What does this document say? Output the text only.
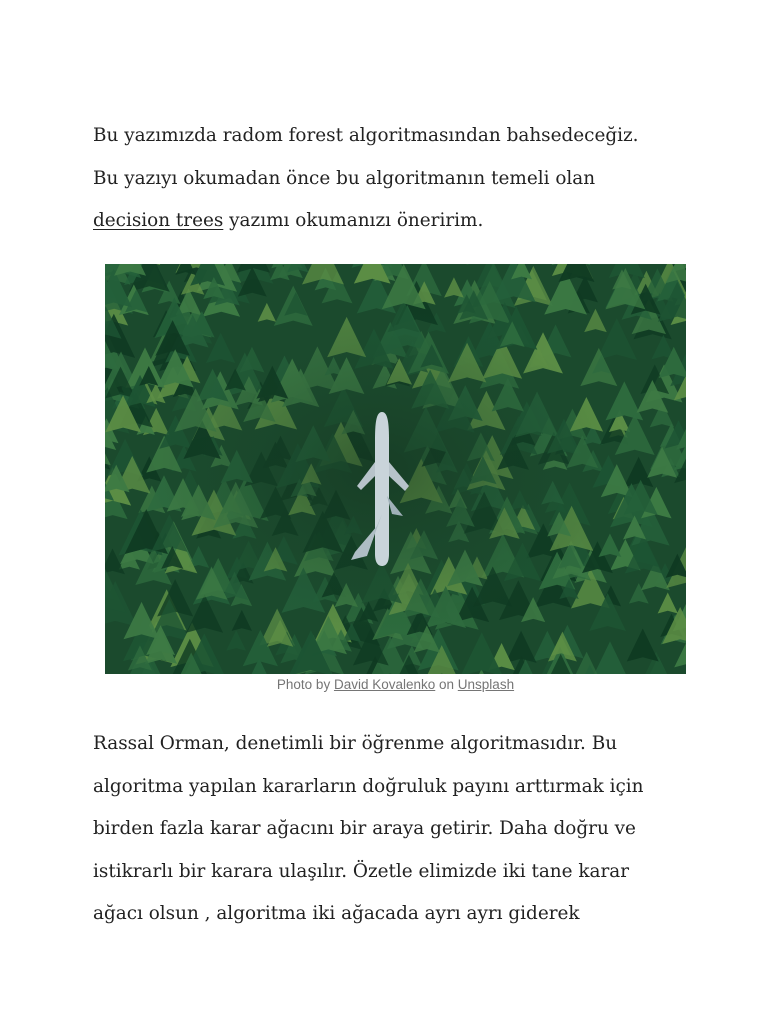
Bu yazımızda radom forest algoritmasından bahsedeceğiz.

Bu yazıyı okumadan önce bu algoritmanın temeli olan

decision trees yazımı okumanızı öneririm.

Photo by David Kovalenko on Unsplash

Rassal Orman, denetimli bir öğrenme algoritmasıdır. Bu

algoritma yapılan kararların doğruluk payını arttırmak için

birden fazla karar ağacını bir araya getirir. Daha doğru ve

istikrarlı bir karara ulaşılır. Özetle elimizde iki tane karar

ağacı olsun , algoritma iki ağacada ayrı ayrı giderek
